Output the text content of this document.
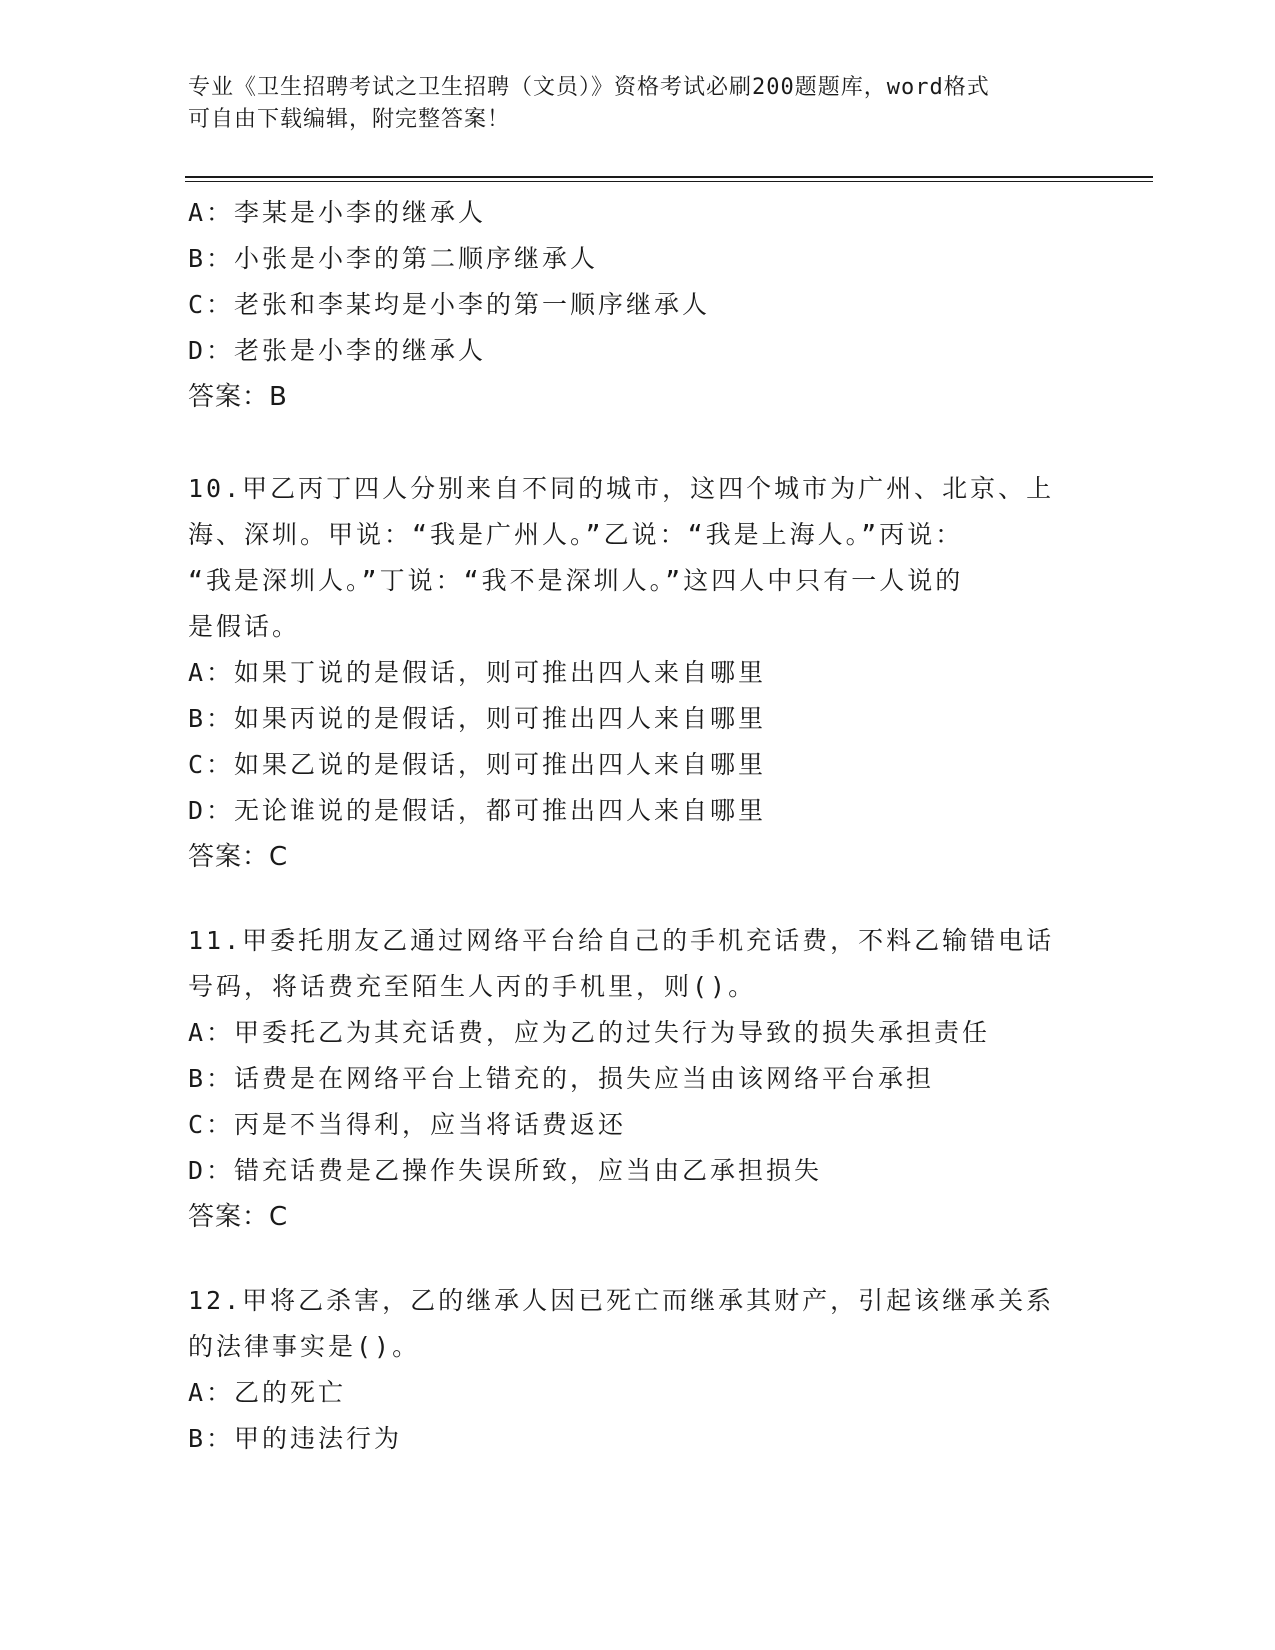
专业《卫生招聘考试之卫生招聘（文员）》资格考试必刷200题题库，word格式
可自由下载编辑，附完整答案！
A：李某是小李的继承人
B：小张是小李的第二顺序继承人
C：老张和李某均是小李的第一顺序继承人
D：老张是小李的继承人
答案：B
10.甲乙丙丁四人分别来自不同的城市，这四个城市为广州、北京、上
海、深圳。甲说：“我是广州人。”乙说：“我是上海人。”丙说：
“我是深圳人。”丁说：“我不是深圳人。”这四人中只有一人说的
是假话。
A：如果丁说的是假话，则可推出四人来自哪里
B：如果丙说的是假话，则可推出四人来自哪里
C：如果乙说的是假话，则可推出四人来自哪里
D：无论谁说的是假话，都可推出四人来自哪里
答案：C
11.甲委托朋友乙通过网络平台给自己的手机充话费，不料乙输错电话
号码，将话费充至陌生人丙的手机里，则()。
A：甲委托乙为其充话费，应为乙的过失行为导致的损失承担责任
B：话费是在网络平台上错充的，损失应当由该网络平台承担
C：丙是不当得利，应当将话费返还
D：错充话费是乙操作失误所致，应当由乙承担损失
答案：C
12.甲将乙杀害，乙的继承人因已死亡而继承其财产，引起该继承关系
的法律事实是()。
A：乙的死亡
B：甲的违法行为
